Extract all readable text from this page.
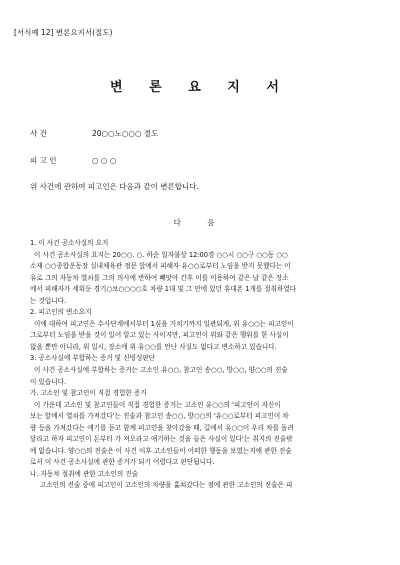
[서식예 12] 변론요지서(절도)
변 론 요 지 서
사 건	20○○노○○○ 절도
피 고 인	○ ○ ○
위 사건에 관하여 피고인은 다음과 같이 변론합니다.
다 음
1. 이 사건 공소사실의 요지
이 사건 공소사실의 요지는 20○○. ○. 하순 일자불상 12:00경 ○○시 ○○구 ○○동 ○○
소재 ○○종합운동장 실내체육관 정문 앞에서 피해자 유○○로부터 노임을 받지 못했다는 이
유로 그의 자동차 열쇠를 그의 의사에 반하여 빼앗아 간후 이를 이용하여 같은 날 같은 장소
에서 피해자가 세워둔 경기○보○○○○호 차량 1대 및 그 안에 있던 휴대폰 1개를 절취하였다
는 것입니다.
2. 피고인의 변소요지
이에 대하여 피고인은 수사단계에서부터 1심을 거치기까지 일관되게, 위 유○○는 피고인이
그로부터 노임을 받을 것이 있어 알고 있는 사이지만, 피고인이 위와 같은 행위를 한 사실이
없을 뿐만 아니라, 위 일시, 장소에 위 유○○를 만난 사실도 없다고 변소하고 있습니다.
3. 공소사실에 부합하는 증거 및 신빙성판단
이 사건 공소사실에 부합하는 증거는 고소인 유○○, 참고인 송○○, 방○○, 양○○의 진술
이 있습니다.
가. 고소인 및 참고인이 직접 경험한 증거
이 가운데 고소인 및 참고인들이 직접 경험한 증거는 고소인 유○○의 '피고인이 자신이
보는 앞에서 열쇠를 가져갔다'는 진술과 참고인 송○○, 방○○의 '유○○로부터 피고인이 차
량 등을 가져갔다는 얘기를 듣고 함께 피고인을 찾아갔을 때, 길에서 유○○이 우리 차를 돌려
달라고 하자 피고인이 돈부터 가 져오라고 얘기하는 것을 들은 사실이 있다'는 취지의 진술밖
에 없습니다. 양○○의 진술은 이 사건 이후 고소인들이 어떠한 행동을 보였는지에 관한 진술
로서 이 사건 공소사실에 관한 증거가 되기 어렵다고 판단됩니다.
나. 자동차 절취에 관한 고소인의 진술
고소인의 진술 중에 피고인이 고소인의 차량을 훔쳐갔다는 점에 관한 고소인의 진술은 피
